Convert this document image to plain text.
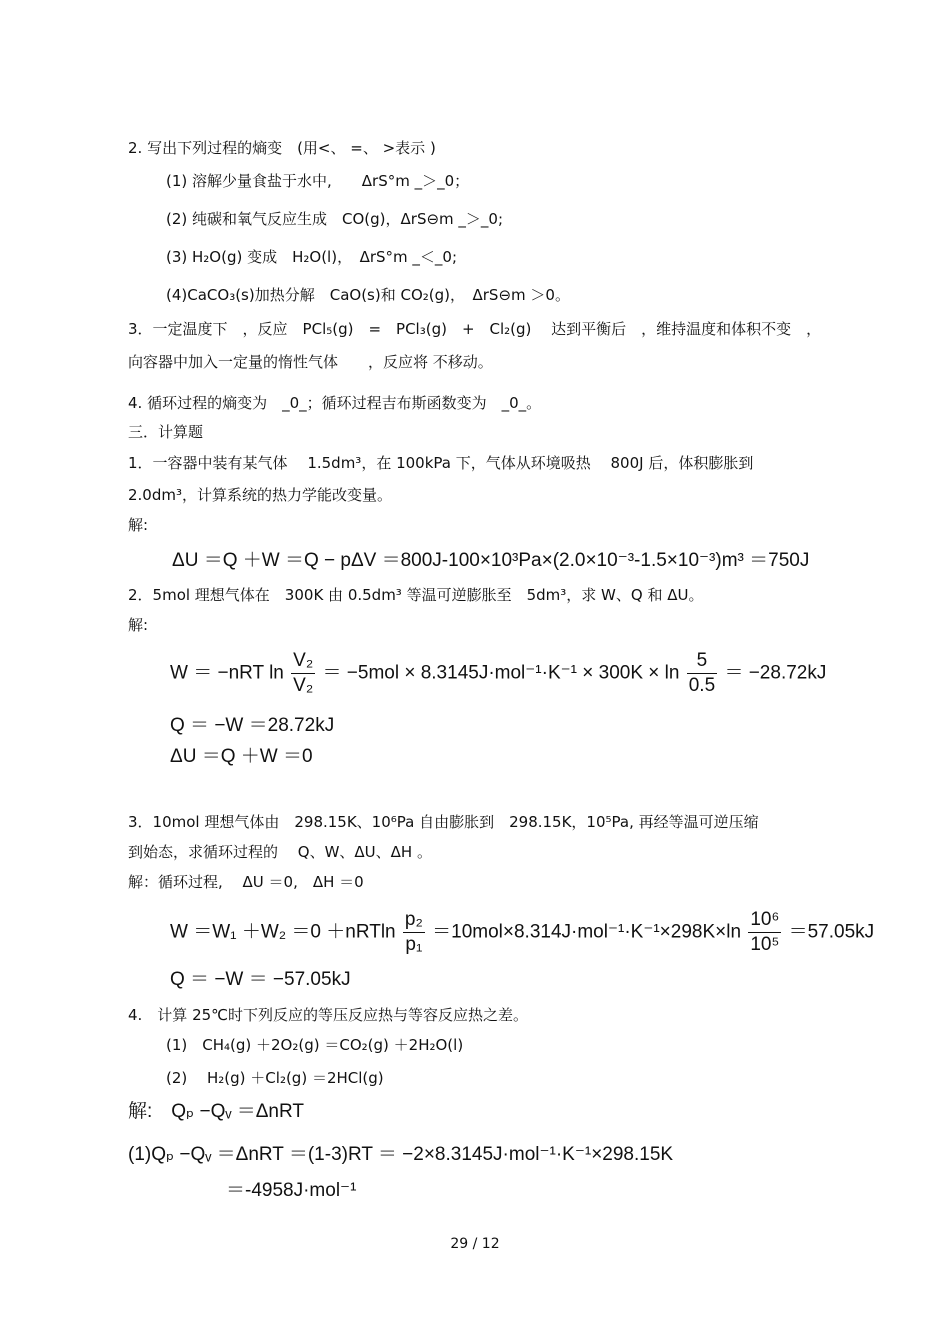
2. 写出下列过程的熵变　(用<、 =、 >表示 )
(1) 溶解少量食盐于水中,　　ΔrS°m _＞_0；
(2) 纯碳和氧气反应生成　CO(g)，ΔrS⊖m _＞_0;
(3) H₂O(g) 变成　H₂O(l)，　ΔrS°m _＜_0;
(4)CaCO₃(s)加热分解　CaO(s)和 CO₂(g)，　ΔrS⊖m ＞0。
3．一定温度下　，反应　PCl₅(g)　=　PCl₃(g)　+　Cl₂(g)　 达到平衡后　，维持温度和体积不变　，
向容器中加入一定量的惰性气体　　，反应将 不移动。
4. 循环过程的熵变为　_0_；循环过程吉布斯函数变为　_0_。
三．计算题
1．一容器中装有某气体　 1.5dm³，在 100kPa 下，气体从环境吸热　 800J 后，体积膨胀到
2.0dm³，计算系统的热力学能改变量。
解:
ΔU ＝Q ＋W ＝Q − pΔV ＝800J-100×10³Pa×(2.0×10⁻³-1.5×10⁻³)m³ ＝750J
2．5mol 理想气体在　300K 由 0.5dm³ 等温可逆膨胀至　5dm³，求 W、Q 和 ΔU。
解:
W ＝ −nRT $\ln \frac{\text{V₂}}{\text{V₂}} = -5mol \times 8.3145J\cdot mol^{-1}\cdot K^{-1} \times 300K \times \ln \frac{5}{0.5} = -28.72kJ$
Q ＝ −W ＝28.72kJ
ΔU ＝Q ＋W ＝0
3．10mol 理想气体由　298.15K、10⁶Pa 自由膨胀到　298.15K，10⁵Pa, 再经等温可逆压缩
到始态，求循环过程的　 Q、W、ΔU、ΔH 。
解：循环过程,　 ΔU ＝0,　ΔH ＝0
$W =W_1 +W_2 =0 +nRTln \frac{\text{p₂}}{\text{p₁}} =10mol\times 8.314J\cdot mol^{-1}\cdot K^{-1}\times 298K\times\ln \frac{\text{10⁶}}{\text{10⁵}} =57.05kJ$
Q ＝ −W ＝ −57.05kJ
4.　计算 25℃时下列反应的等压反应热与等容反应热之差。
(1)　CH₄(g) ＋2O₂(g) ＝CO₂(g) ＋2H₂O(l)
(2)　 H₂(g) ＋Cl₂(g) ＝2HCl(g)
解:　Qₚ −Qᵥ ＝ΔnRT
(1)Qₚ −Qᵥ ＝ΔnRT ＝(1-3)RT ＝ −2×8.3145J·mol⁻¹·K⁻¹×298.15K
＝-4958J·mol⁻¹
29 / 12
